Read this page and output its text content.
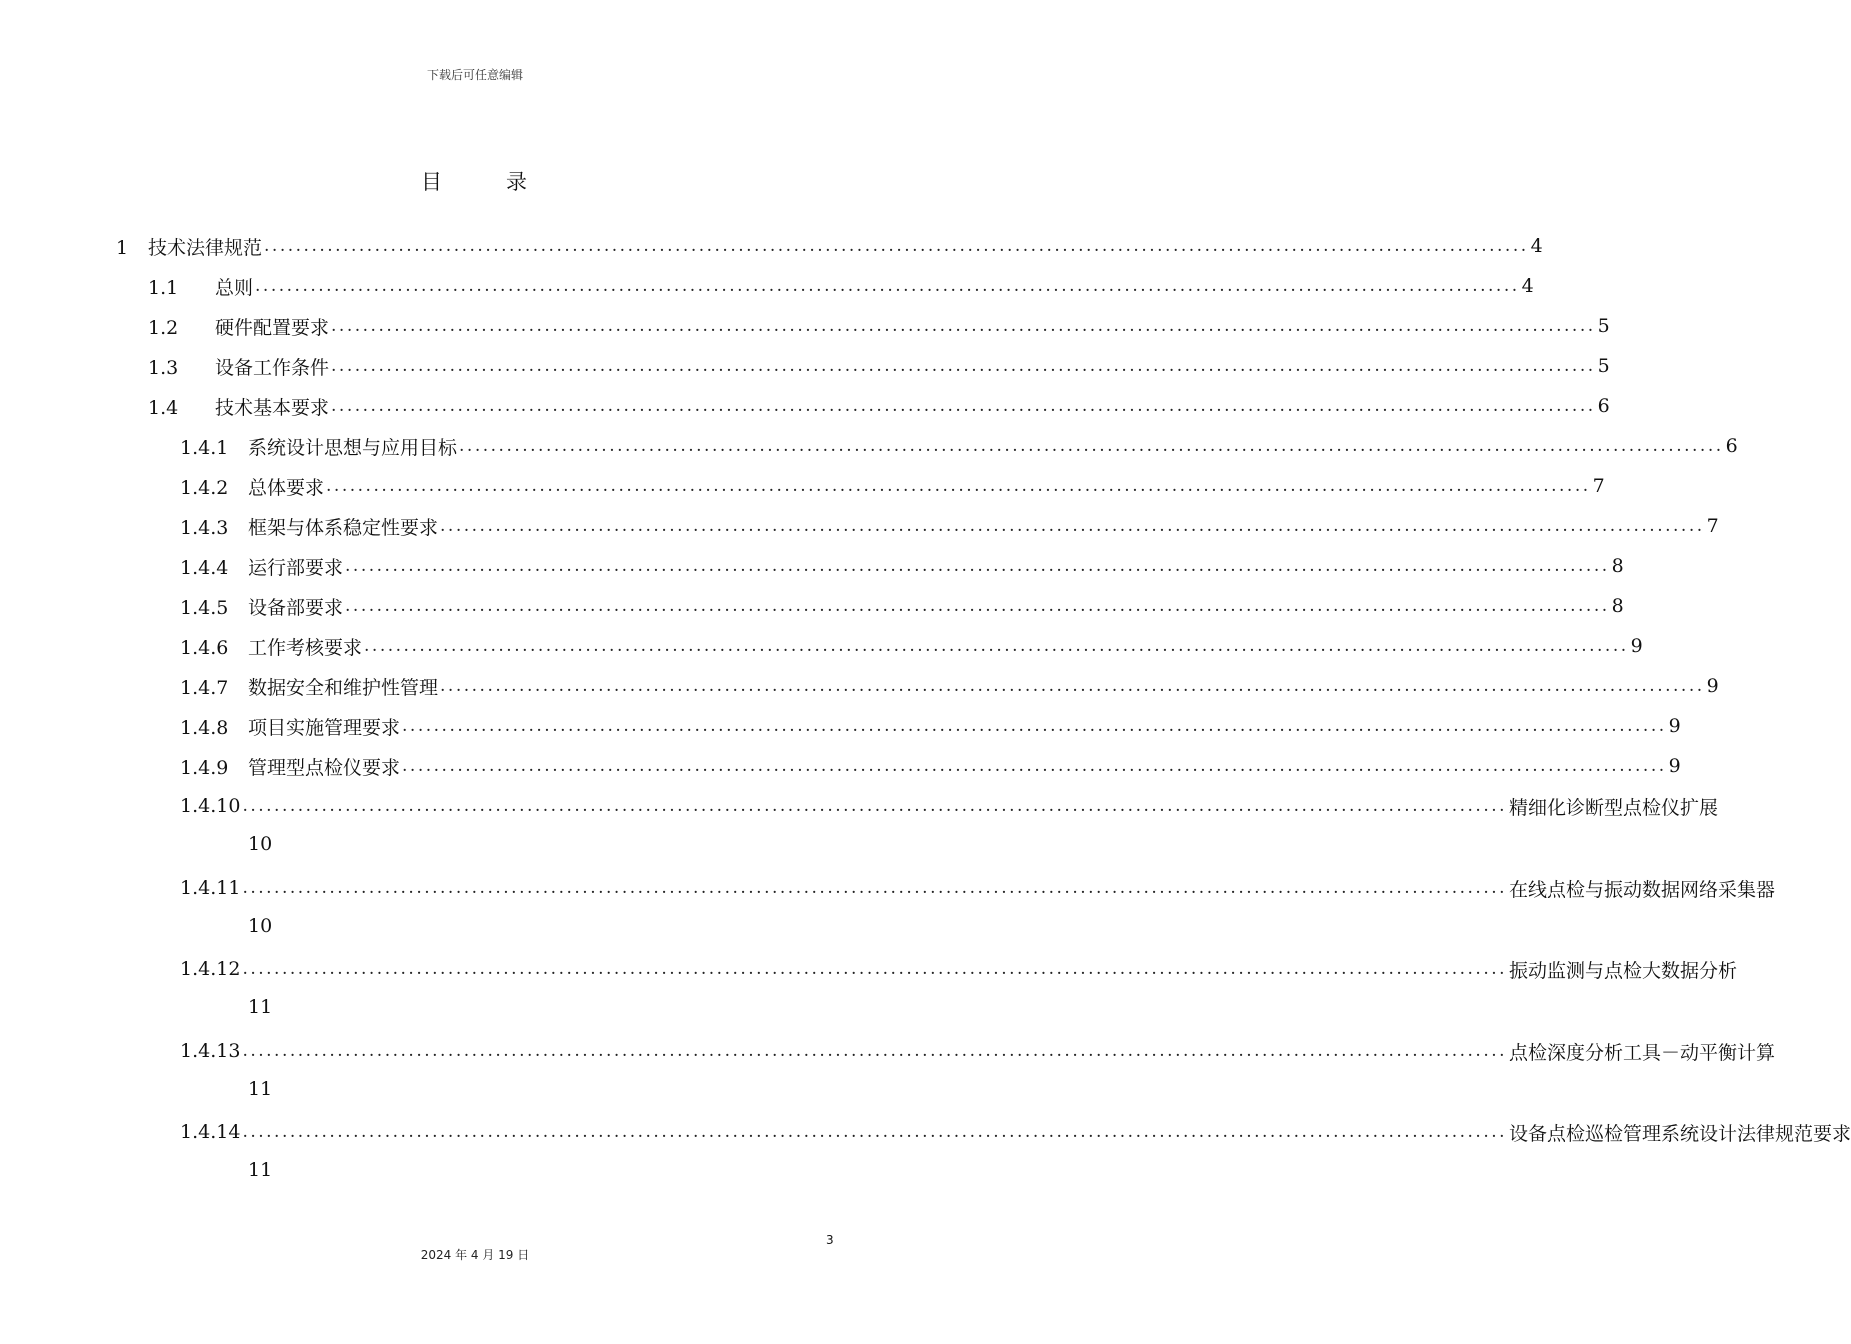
下载后可任意编辑
目	录
1 技术法律规范 ................................................................................................................................................................ 4
1.1 总则 ................................................................................................................................................................ 4
1.2 硬件配置要求 ................................................................................................................................................................ 5
1.3 设备工作条件 ................................................................................................................................................................ 5
1.4 技术基本要求 ................................................................................................................................................................ 6
1.4.1 系统设计思想与应用目标 ................................................................................................................................................................ 6
1.4.2 总体要求 ................................................................................................................................................................ 7
1.4.3 框架与体系稳定性要求 ................................................................................................................................................................ 7
1.4.4 运行部要求 ................................................................................................................................................................ 8
1.4.5 设备部要求 ................................................................................................................................................................ 8
1.4.6 工作考核要求 ................................................................................................................................................................ 9
1.4.7 数据安全和维护性管理 ................................................................................................................................................................ 9
1.4.8 项目实施管理要求 ................................................................................................................................................................ 9
1.4.9 管理型点检仪要求 ................................................................................................................................................................ 9
1.4.10 ................................................................................................................................................................ 精细化诊断型点检仪扩展
10
1.4.11 ................................................................................................................................................................ 在线点检与振动数据网络采集器
10
1.4.12 ................................................................................................................................................................ 振动监测与点检大数据分析
11
1.4.13 ................................................................................................................................................................ 点检深度分析工具－动平衡计算
11
1.4.14 ................................................................................................................................................................ 设备点检巡检管理系统设计法律规范要求
11
3
2024 年 4 月 19 日
